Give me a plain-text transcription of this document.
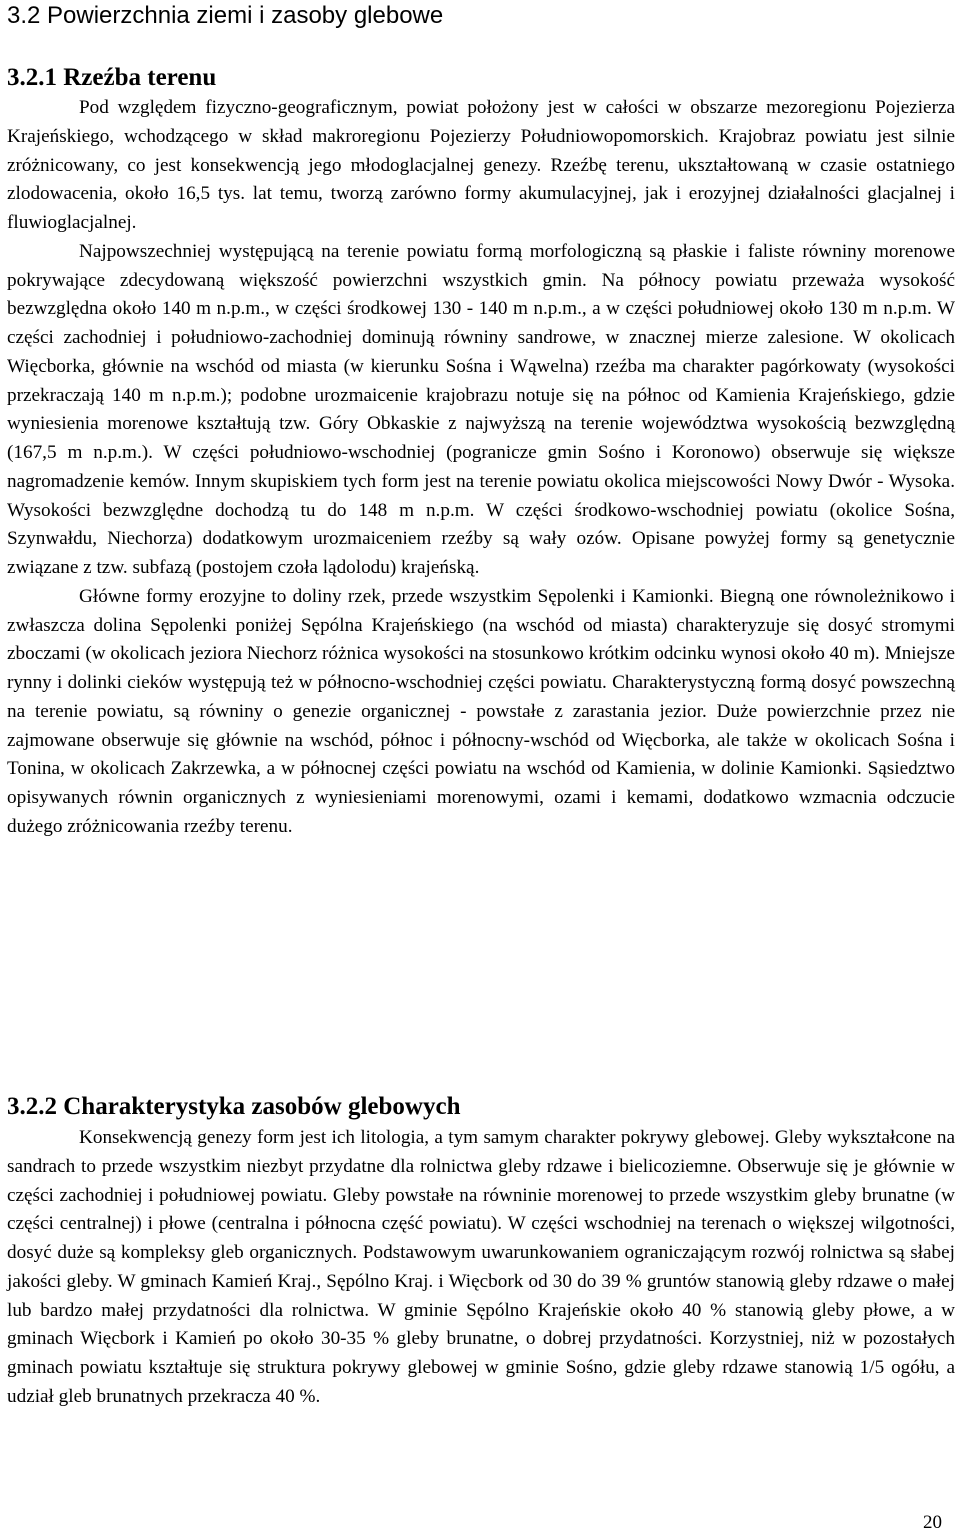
3.2 Powierzchnia ziemi i zasoby glebowe
3.2.1 Rzeźba terenu

Pod względem fizyczno-geograficznym, powiat położony jest w całości w obszarze mezoregionu Pojezierza Krajeńskiego, wchodzącego w skład makroregionu Pojezierzy Południowopomorskich. Krajobraz powiatu jest silnie zróżnicowany, co jest konsekwencją jego młodoglacjalnej genezy. Rzeźbę terenu, ukształtowaną w czasie ostatniego zlodowacenia, około 16,5 tys. lat temu, tworzą zarówno formy akumulacyjnej, jak i erozyjnej działalności glacjalnej i fluwioglacjalnej.

Najpowszechniej występującą na terenie powiatu formą morfologiczną są płaskie i faliste równiny morenowe pokrywające zdecydowaną większość powierzchni wszystkich gmin. Na północy powiatu przeważa wysokość bezwzględna około 140 m n.p.m., w części środkowej 130 - 140 m n.p.m., a w części południowej około 130 m n.p.m. W części zachodniej i południowo-zachodniej dominują równiny sandrowe, w znacznej mierze zalesione. W okolicach Więcborka, głównie na wschód od miasta (w kierunku Sośna i Wąwelna) rzeźba ma charakter pagórkowaty (wysokości przekraczają 140 m n.p.m.); podobne urozmaicenie krajobrazu notuje się na północ od Kamienia Krajeńskiego, gdzie wyniesienia morenowe kształtują tzw. Góry Obkaskie z najwyższą na terenie województwa wysokością bezwzględną (167,5 m n.p.m.). W części południowo-wschodniej (pogranicze gmin Sośno i Koronowo) obserwuje się większe nagromadzenie kemów. Innym skupiskiem tych form jest na terenie powiatu okolica miejscowości Nowy Dwór - Wysoka. Wysokości bezwzględne dochodzą tu do 148 m n.p.m. W części środkowo-wschodniej powiatu (okolice Sośna, Szynwałdu, Niechorza) dodatkowym urozmaiceniem rzeźby są wały ozów. Opisane powyżej formy są genetycznie związane z tzw. subfazą (postojem czoła lądolodu) krajeńską.

Główne formy erozyjne to doliny rzek, przede wszystkim Sępolenki i Kamionki. Biegną one równoleżnikowo i zwłaszcza dolina Sępolenki poniżej Sępólna Krajeńskiego (na wschód od miasta) charakteryzuje się dosyć stromymi zboczami (w okolicach jeziora Niechorz różnica wysokości na stosunkowo krótkim odcinku wynosi około 40 m). Mniejsze rynny i dolinki cieków występują też w północno-wschodniej części powiatu. Charakterystyczną formą dosyć powszechną na terenie powiatu, są równiny o genezie organicznej - powstałe z zarastania jezior. Duże powierzchnie przez nie zajmowane obserwuje się głównie na wschód, północ i północny-wschód od Więcborka, ale także w okolicach Sośna i Tonina, w okolicach Zakrzewka, a w północnej części powiatu na wschód od Kamienia, w dolinie Kamionki. Sąsiedztwo opisywanych równin organicznych z wyniesieniami morenowymi, ozami i kemami, dodatkowo wzmacnia odczucie dużego zróżnicowania rzeźby terenu.

3.2.2 Charakterystyka zasobów glebowych

Konsekwencją genezy form jest ich litologia, a tym samym charakter pokrywy glebowej. Gleby wykształcone na sandrach to przede wszystkim niezbyt przydatne dla rolnictwa gleby rdzawe i bielicoziemne. Obserwuje się je głównie w części zachodniej i południowej powiatu. Gleby powstałe na równinie morenowej to przede wszystkim gleby brunatne (w części centralnej) i płowe (centralna i północna część powiatu). W części wschodniej na terenach o większej wilgotności, dosyć duże są kompleksy gleb organicznych. Podstawowym uwarunkowaniem ograniczającym rozwój rolnictwa są słabej jakości gleby. W gminach Kamień Kraj., Sępólno Kraj. i Więcbork od 30 do 39 % gruntów stanowią gleby rdzawe o małej lub bardzo małej przydatności dla rolnictwa. W gminie Sępólno Krajeńskie około 40 % stanowią gleby płowe, a w gminach Więcbork i Kamień po około 30-35 % gleby brunatne, o dobrej przydatności. Korzystniej, niż w pozostałych gminach powiatu kształtuje się struktura pokrywy glebowej w gminie Sośno, gdzie gleby rdzawe stanowią 1/5 ogółu, a udział gleb brunatnych przekracza 40 %.

20
